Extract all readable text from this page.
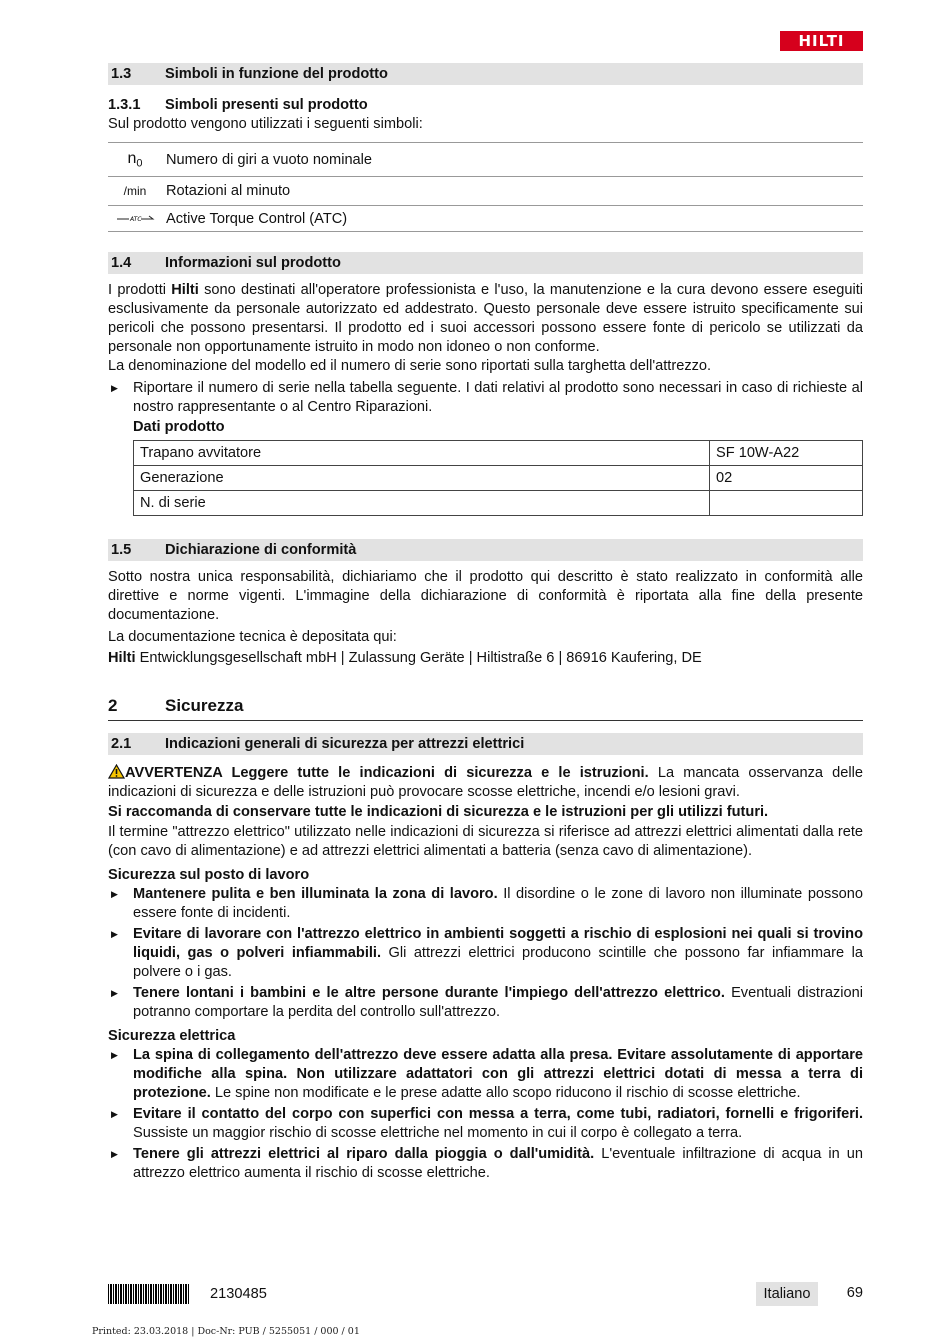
HILTI
1.3	Simboli in funzione del prodotto
1.3.1	Simboli presenti sul prodotto

Sul prodotto vengono utilizzati i seguenti simboli:

$n_0$	Numero di giri a vuoto nominale
/min	Rotazioni al minuto

ATC	Active Torque Control (ATC)
1.4	Informazioni sul prodotto

I prodotti Hilti sono destinati all'operatore professionista e l'uso, la manutenzione e la cura devono essere eseguiti esclusivamente da personale autorizzato ed addestrato. Questo personale deve essere istruito specificamente sui pericoli che possono presentarsi. Il prodotto ed i suoi accessori possono essere fonte di pericolo se utilizzati da personale non opportunamente istruito in modo non idoneo o non conforme.

La denominazione del modello ed il numero di serie sono riportati sulla targhetta dell'attrezzo.

▶	Riportare il numero di serie nella tabella seguente. I dati relativi al prodotto sono necessari in caso di richieste al nostro rappresentante o al Centro Riparazioni.

Dati prodotto

Trapano avvitatore	SF 10W-A22
Generazione	02
N. di serie	
1.5	Dichiarazione di conformità

Sotto nostra unica responsabilità, dichiariamo che il prodotto qui descritto è stato realizzato in conformità alle direttive e norme vigenti. L'immagine della dichiarazione di conformità è riportata alla fine della presente documentazione.

La documentazione tecnica è depositata qui:

Hilti Entwicklungsgesellschaft mbH | Zulassung Geräte | Hiltistraße 6 | 86916 Kaufering, DE

2	Sicurezza
2.1	Indicazioni generali di sicurezza per attrezzi elettrici

AVVERTENZA Leggere tutte le indicazioni di sicurezza e le istruzioni. La mancata osservanza delle indicazioni di sicurezza e delle istruzioni può provocare scosse elettriche, incendi e/o lesioni gravi.

Si raccomanda di conservare tutte le indicazioni di sicurezza e le istruzioni per gli utilizzi futuri.

Il termine "attrezzo elettrico" utilizzato nelle indicazioni di sicurezza si riferisce ad attrezzi elettrici alimentati dalla rete (con cavo di alimentazione) e ad attrezzi elettrici alimentati a batteria (senza cavo di alimentazione).

Sicurezza sul posto di lavoro

▶	Mantenere pulita e ben illuminata la zona di lavoro. Il disordine o le zone di lavoro non illuminate possono essere fonte di incidenti.

▶	Evitare di lavorare con l'attrezzo elettrico in ambienti soggetti a rischio di esplosioni nei quali si trovino liquidi, gas o polveri infiammabili. Gli attrezzi elettrici producono scintille che possono far infiammare la polvere o i gas.

▶	Tenere lontani i bambini e le altre persone durante l'impiego dell'attrezzo elettrico. Eventuali distrazioni potranno comportare la perdita del controllo sull'attrezzo.

Sicurezza elettrica

▶	La spina di collegamento dell'attrezzo deve essere adatta alla presa. Evitare assolutamente di apportare modifiche alla spina. Non utilizzare adattatori con gli attrezzi elettrici dotati di messa a terra di protezione. Le spine non modificate e le prese adatte allo scopo riducono il rischio di scosse elettriche.

▶	Evitare il contatto del corpo con superfici con messa a terra, come tubi, radiatori, fornelli e frigoriferi. Sussiste un maggior rischio di scosse elettriche nel momento in cui il corpo è collegato a terra.

▶	Tenere gli attrezzi elettrici al riparo dalla pioggia o dall'umidità. L'eventuale infiltrazione di acqua in un attrezzo elettrico aumenta il rischio di scosse elettriche.

2130485	Italiano	69
Printed: 23.03.2018 | Doc-Nr: PUB / 5255051 / 000 / 01
